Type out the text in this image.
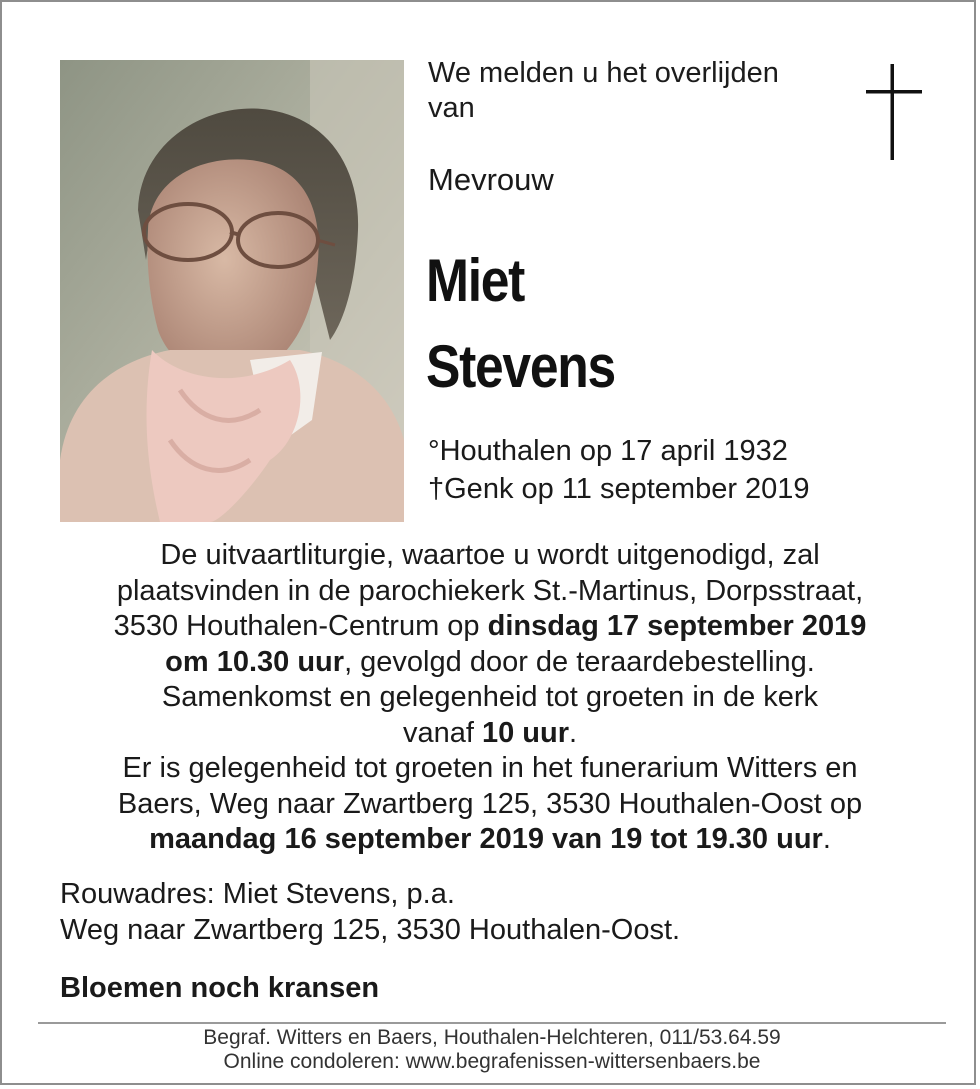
We melden u het overlijden
van
Mevrouw
Miet
Stevens
°Houthalen op 17 april 1932
†Genk op 11 september 2019
De uitvaartliturgie, waartoe u wordt uitgenodigd, zal
plaatsvinden in de parochiekerk St.-Martinus, Dorpsstraat,
3530 Houthalen-Centrum op dinsdag 17 september 2019
om 10.30 uur, gevolgd door de teraardebestelling.
Samenkomst en gelegenheid tot groeten in de kerk
vanaf 10 uur.
Er is gelegenheid tot groeten in het funerarium Witters en
Baers, Weg naar Zwartberg 125, 3530 Houthalen-Oost op
maandag 16 september 2019 van 19 tot 19.30 uur.
Rouwadres: Miet Stevens, p.a.
Weg naar Zwartberg 125, 3530 Houthalen-Oost.
Bloemen noch kransen
Begraf. Witters en Baers, Houthalen-Helchteren, 011/53.64.59
Online condoleren: www.begrafenissen-wittersenbaers.be
